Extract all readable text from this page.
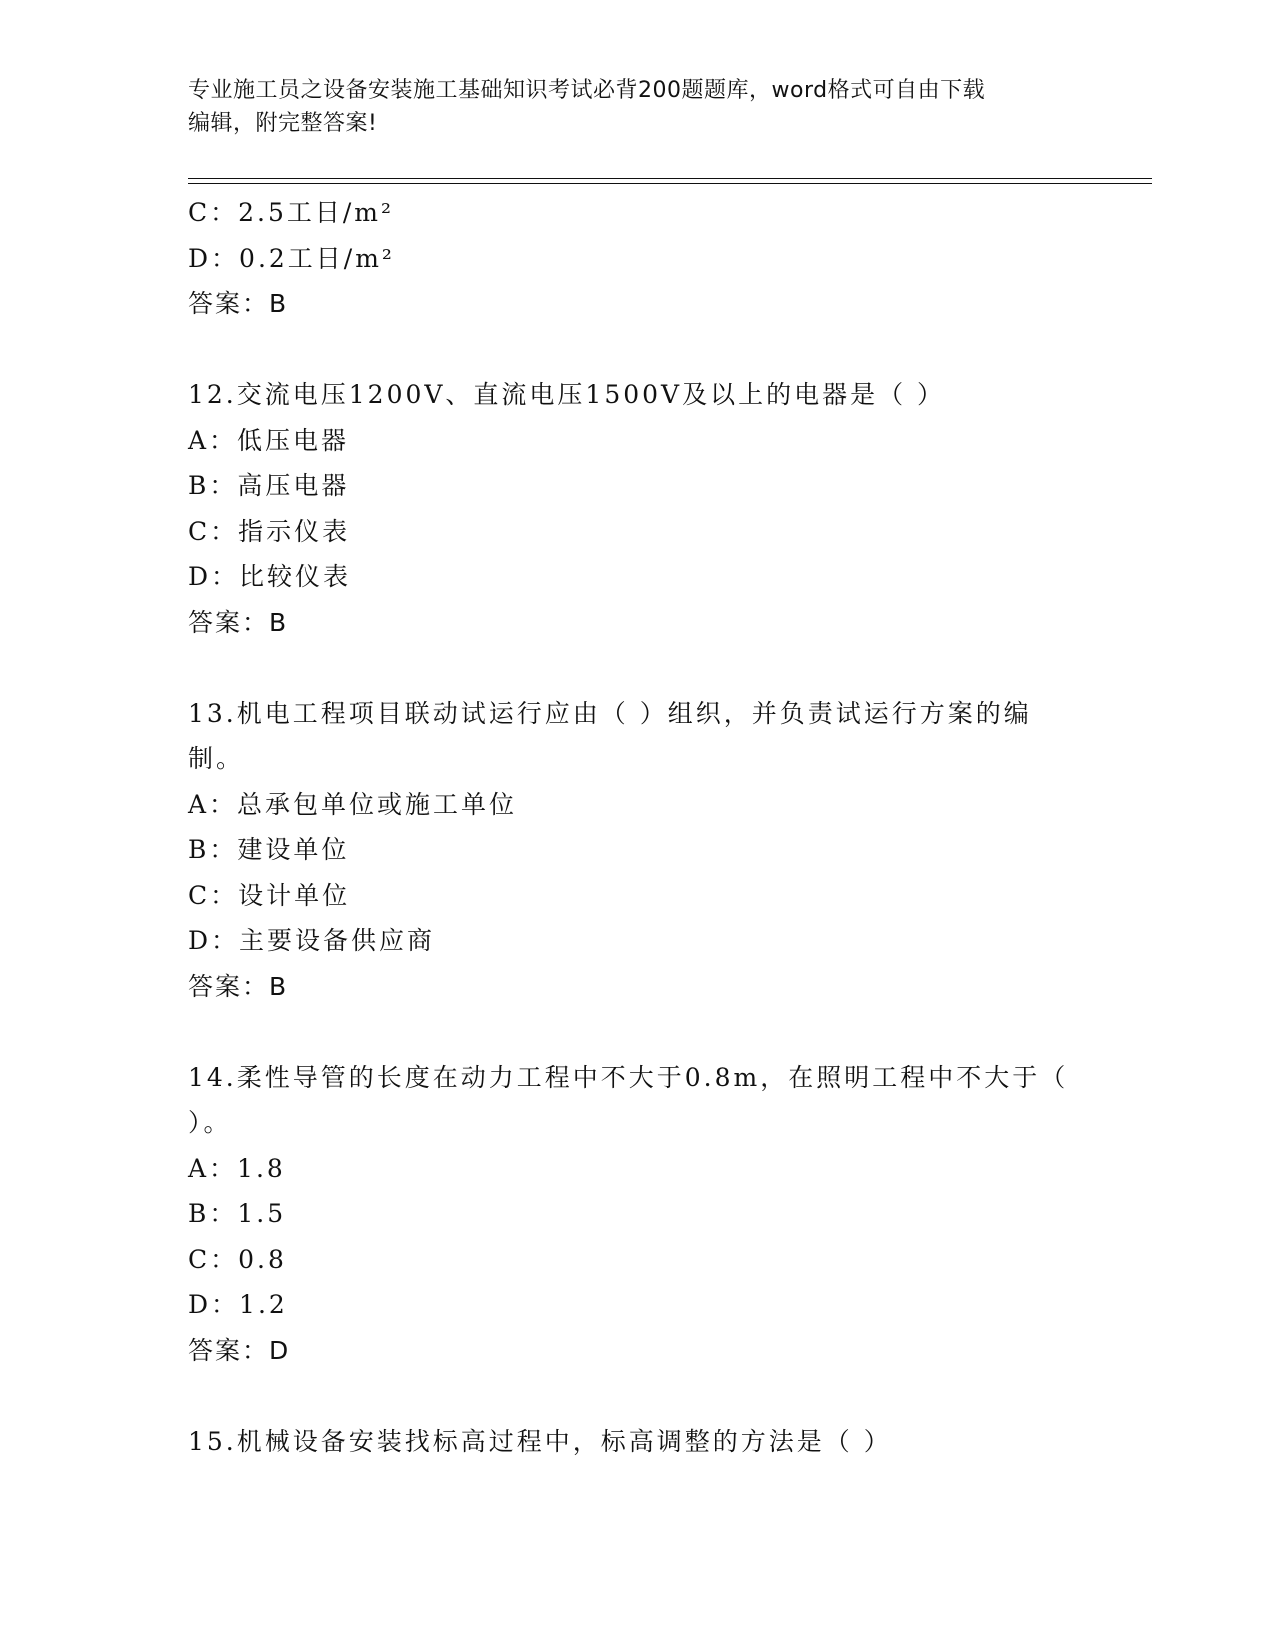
专业施工员之设备安装施工基础知识考试必背200题题库，word格式可自由下载
编辑，附完整答案!
C：2.5工日/m²
D：0.2工日/m²
答案：B
12.交流电压1200V、直流电压1500V及以上的电器是（ ）
A：低压电器
B：高压电器
C：指示仪表
D：比较仪表
答案：B
13.机电工程项目联动试运行应由（ ）组织，并负责试运行方案的编
制。
A：总承包单位或施工单位
B：建设单位
C：设计单位
D：主要设备供应商
答案：B
14.柔性导管的长度在动力工程中不大于0.8m，在照明工程中不大于（
）。
A：1.8
B：1.5
C：0.8
D：1.2
答案：D
15.机械设备安装找标高过程中，标高调整的方法是（ ）
